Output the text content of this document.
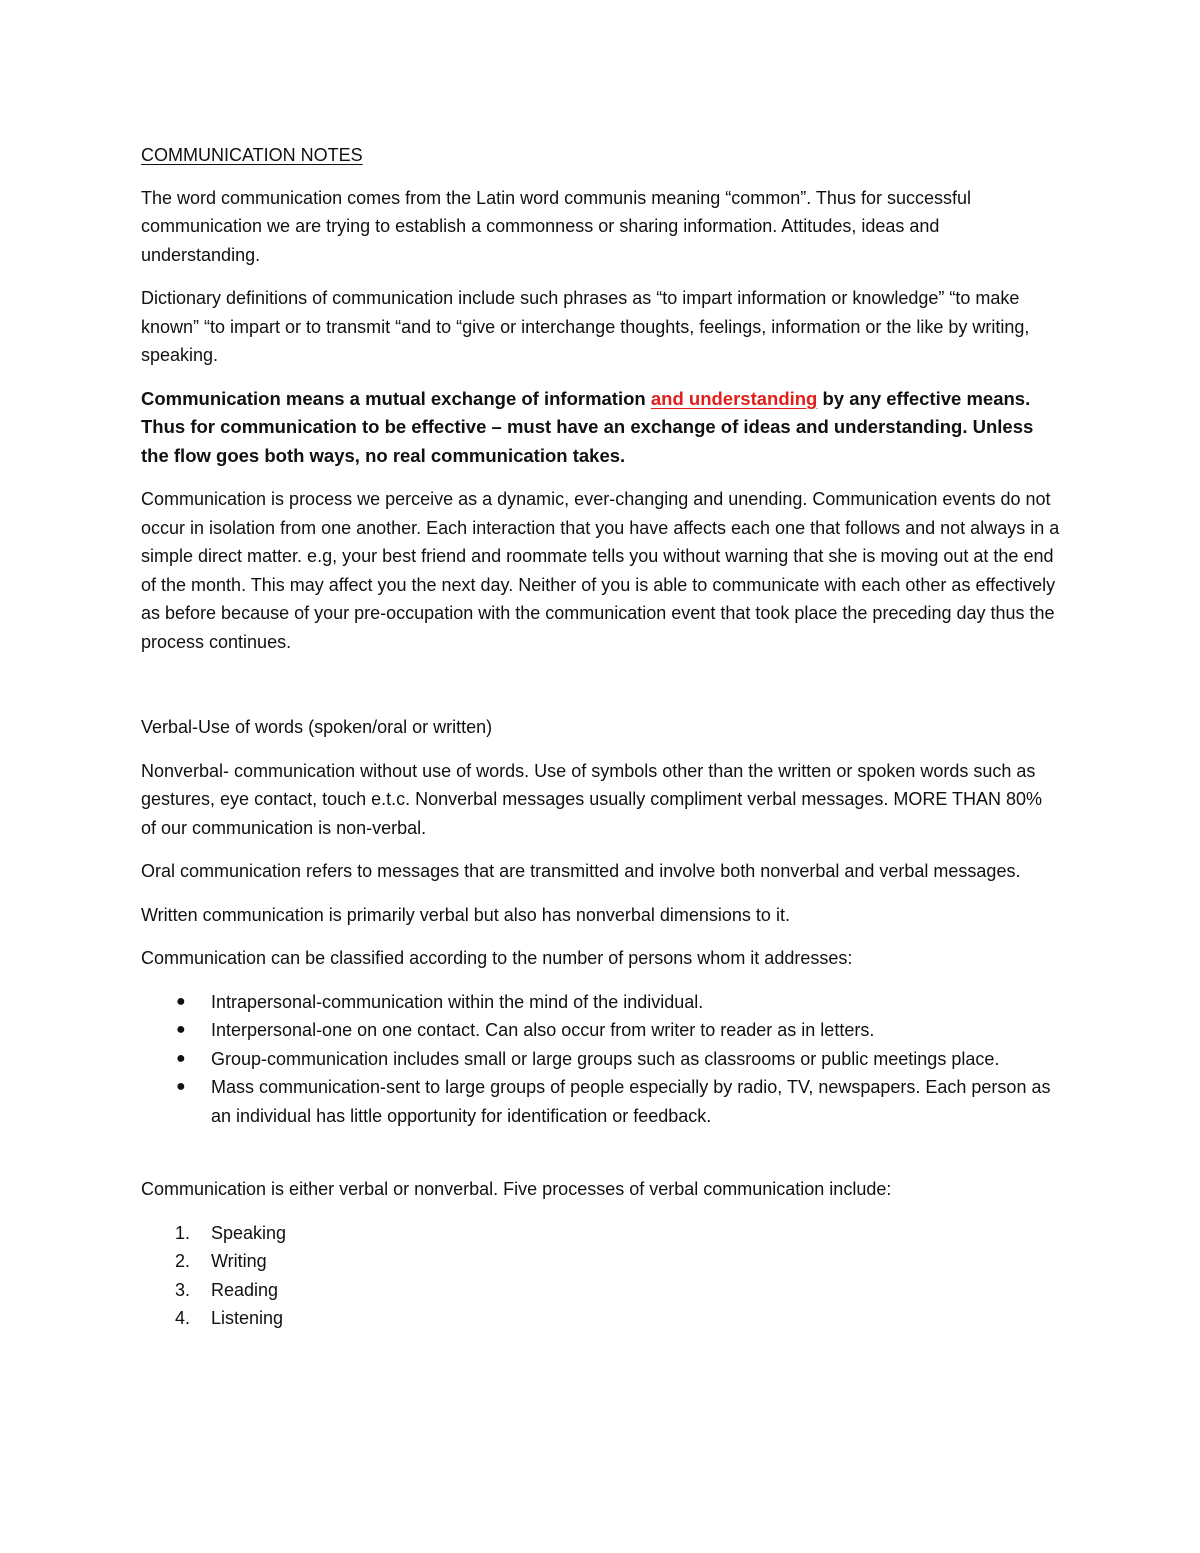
COMMUNICATION NOTES

The word communication comes from the Latin word communis meaning “common”. Thus for successful communication we are trying to establish a commonness or sharing information. Attitudes, ideas and understanding.

Dictionary definitions of communication include such phrases as “to impart information or knowledge” “to make known” “to impart or to transmit “and to “give or interchange thoughts, feelings, information or the like by writing, speaking.

Communication means a mutual exchange of information and understanding by any effective means. Thus for communication to be effective – must have an exchange of ideas and understanding. Unless the flow goes both ways, no real communication takes.

Communication is process we perceive as a dynamic, ever-changing and unending. Communication events do not occur in isolation from one another. Each interaction that you have affects each one that follows and not always in a simple direct matter. e.g, your best friend and roommate tells you without warning that she is moving out at the end of the month. This may affect you the next day. Neither of you is able to communicate with each other as effectively as before because of your pre-occupation with the communication event that took place the preceding day thus the process continues.

Verbal-Use of words (spoken/oral or written)

Nonverbal- communication without use of words. Use of symbols other than the written or spoken words such as gestures, eye contact, touch e.t.c. Nonverbal messages usually compliment verbal messages. MORE THAN 80% of our communication is non-verbal.

Oral communication refers to messages that are transmitted and involve both nonverbal and verbal messages.

Written communication is primarily verbal but also has nonverbal dimensions to it.

Communication can be classified according to the number of persons whom it addresses:

● Intrapersonal-communication within the mind of the individual.
● Interpersonal-one on one contact. Can also occur from writer to reader as in letters.
● Group-communication includes small or large groups such as classrooms or public meetings place.
● Mass communication-sent to large groups of people especially by radio, TV, newspapers. Each person as an individual has little opportunity for identification or feedback.

Communication is either verbal or nonverbal. Five processes of verbal communication include:

1. Speaking
2. Writing
3. Reading
4. Listening
